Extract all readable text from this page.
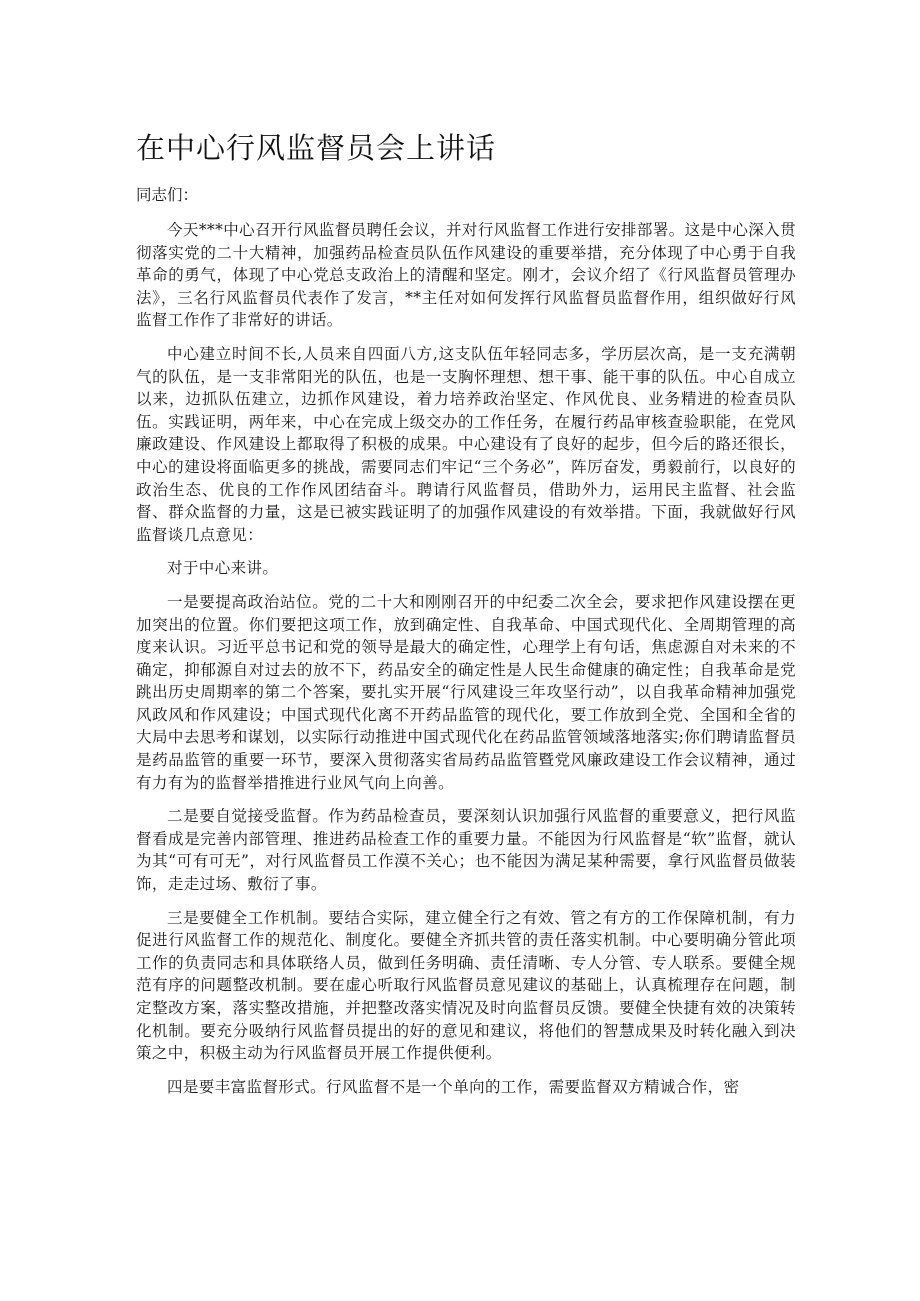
在中心行风监督员会上讲话

同志们：

今天***中心召开行风监督员聘任会议，并对行风监督工作进行安排部署。这是中心深入贯彻落实党的二十大精神，加强药品检查员队伍作风建设的重要举措，充分体现了中心勇于自我革命的勇气，体现了中心党总支政治上的清醒和坚定。刚才，会议介绍了《行风监督员管理办法》，三名行风监督员代表作了发言，**主任对如何发挥行风监督员监督作用，组织做好行风监督工作作了非常好的讲话。

中心建立时间不长,人员来自四面八方,这支队伍年轻同志多，学历层次高，是一支充满朝气的队伍，是一支非常阳光的队伍，也是一支胸怀理想、想干事、能干事的队伍。中心自成立以来，边抓队伍建立，边抓作风建设，着力培养政治坚定、作风优良、业务精进的检查员队伍。实践证明，两年来，中心在完成上级交办的工作任务，在履行药品审核查验职能，在党风廉政建设、作风建设上都取得了积极的成果。中心建设有了良好的起步，但今后的路还很长，中心的建设将面临更多的挑战，需要同志们牢记“三个务必”，阵厉奋发，勇毅前行，以良好的政治生态、优良的工作作风团结奋斗。聘请行风监督员，借助外力，运用民主监督、社会监督、群众监督的力量，这是已被实践证明了的加强作风建设的有效举措。下面，我就做好行风监督谈几点意见：

对于中心来讲。

一是要提高政治站位。党的二十大和刚刚召开的中纪委二次全会，要求把作风建设摆在更加突出的位置。你们要把这项工作，放到确定性、自我革命、中国式现代化、全周期管理的高度来认识。习近平总书记和党的领导是最大的确定性，心理学上有句话，焦虑源自对未来的不确定，抑郁源自对过去的放不下，药品安全的确定性是人民生命健康的确定性；自我革命是党跳出历史周期率的第二个答案，要扎实开展“行风建设三年攻坚行动”，以自我革命精神加强党风政风和作风建设；中国式现代化离不开药品监管的现代化，要工作放到全党、全国和全省的大局中去思考和谋划，以实际行动推进中国式现代化在药品监管领域落地落实;你们聘请监督员是药品监管的重要一环节，要深入贯彻落实省局药品监管暨党风廉政建设工作会议精神，通过有力有为的监督举措推进行业风气向上向善。

二是要自觉接受监督。作为药品检查员，要深刻认识加强行风监督的重要意义，把行风监督看成是完善内部管理、推进药品检查工作的重要力量。不能因为行风监督是“软”监督，就认为其“可有可无”，对行风监督员工作漠不关心；也不能因为满足某种需要，拿行风监督员做装饰，走走过场、敷衍了事。

三是要健全工作机制。要结合实际，建立健全行之有效、管之有方的工作保障机制，有力促进行风监督工作的规范化、制度化。要健全齐抓共管的责任落实机制。中心要明确分管此项工作的负责同志和具体联络人员，做到任务明确、责任清晰、专人分管、专人联系。要健全规范有序的问题整改机制。要在虚心听取行风监督员意见建议的基础上，认真梳理存在问题，制定整改方案，落实整改措施，并把整改落实情况及时向监督员反馈。要健全快捷有效的决策转化机制。要充分吸纳行风监督员提出的好的意见和建议，将他们的智慧成果及时转化融入到决策之中，积极主动为行风监督员开展工作提供便利。

四是要丰富监督形式。行风监督不是一个单向的工作，需要监督双方精诚合作，密
